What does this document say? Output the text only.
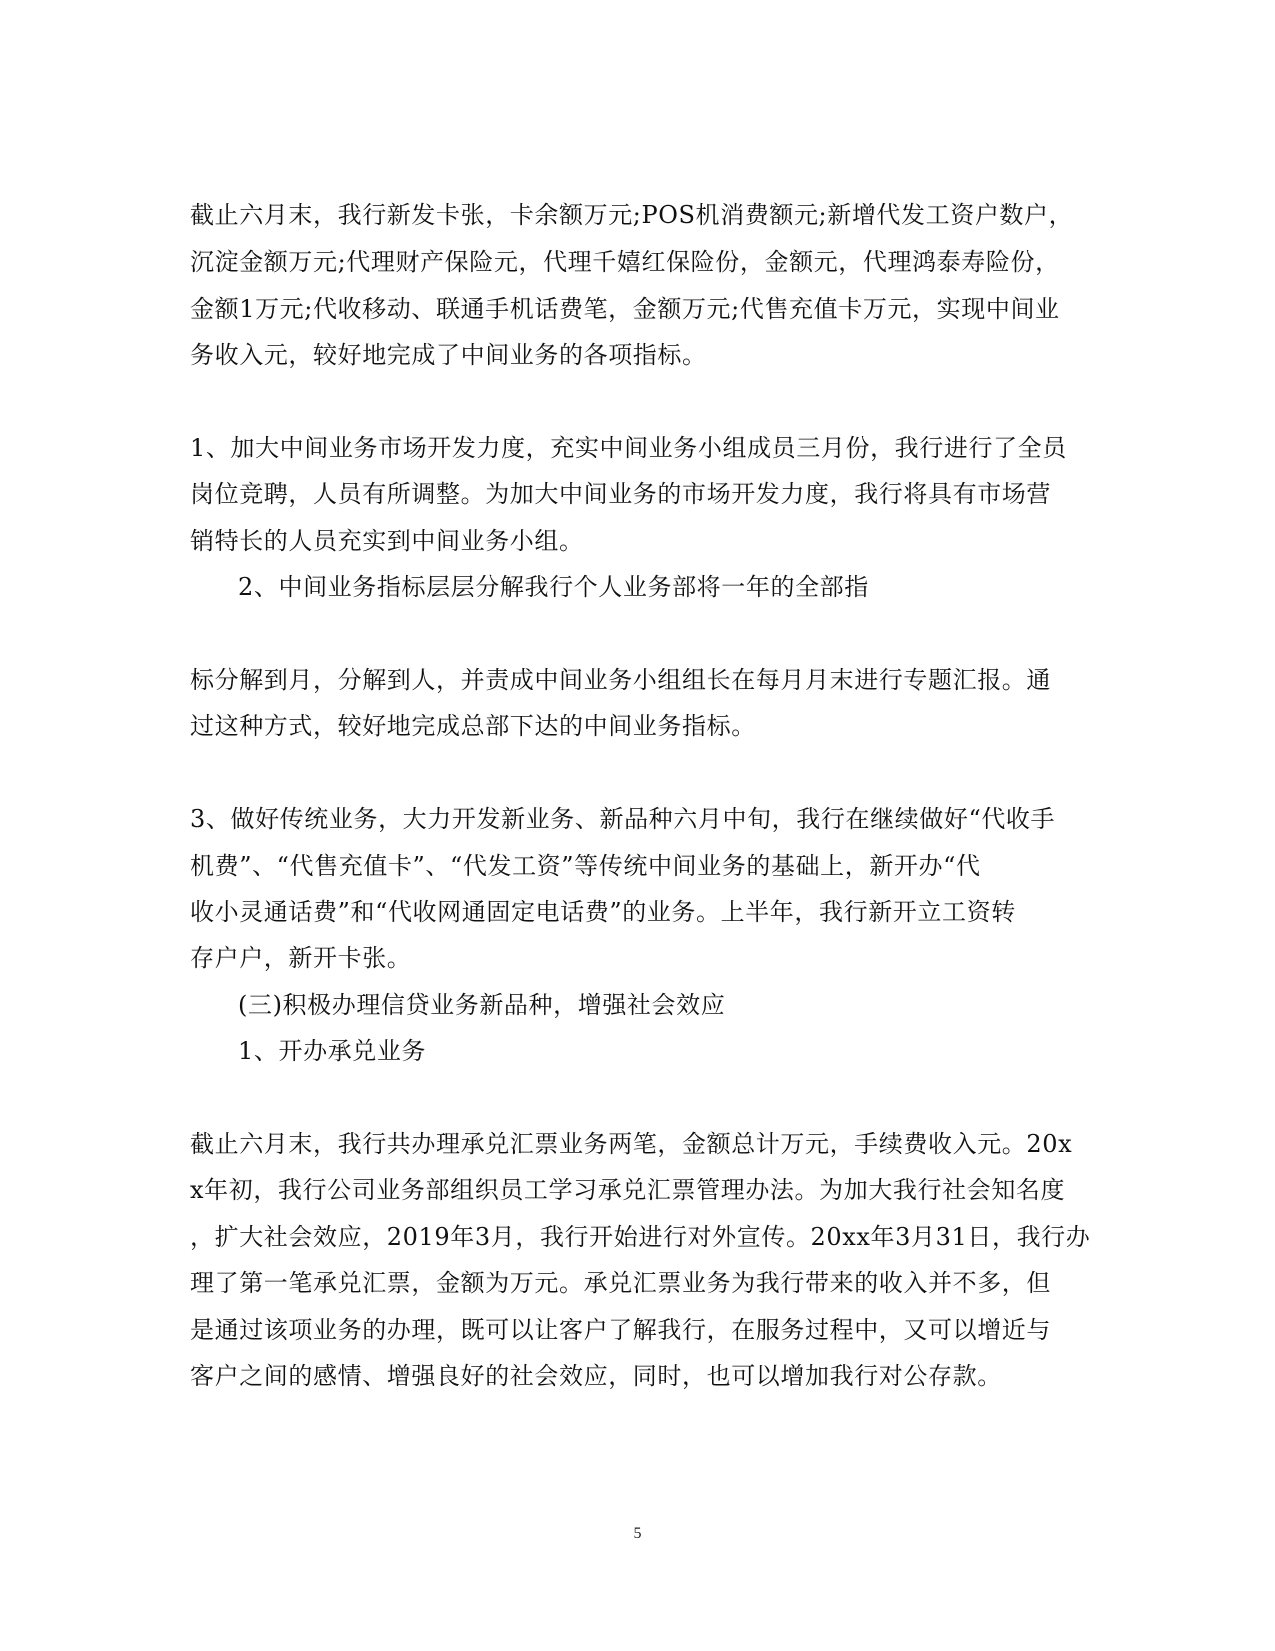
截止六月末，我行新发卡张，卡余额万元;POS机消费额元;新增代发工资户数户，
沉淀金额万元;代理财产保险元，代理千嬉红保险份，金额元，代理鸿泰寿险份，
金额1万元;代收移动、联通手机话费笔，金额万元;代售充值卡万元，实现中间业
务收入元，较好地完成了中间业务的各项指标。
1、加大中间业务市场开发力度，充实中间业务小组成员三月份，我行进行了全员
岗位竞聘，人员有所调整。为加大中间业务的市场开发力度，我行将具有市场营
销特长的人员充实到中间业务小组。
2、中间业务指标层层分解我行个人业务部将一年的全部指
标分解到月，分解到人，并责成中间业务小组组长在每月月末进行专题汇报。通
过这种方式，较好地完成总部下达的中间业务指标。
3、做好传统业务，大力开发新业务、新品种六月中旬，我行在继续做好“代收手
机费”、“代售充值卡”、“代发工资”等传统中间业务的基础上，新开办“代
收小灵通话费”和“代收网通固定电话费”的业务。上半年，我行新开立工资转
存户户，新开卡张。
(三)积极办理信贷业务新品种，增强社会效应
1、开办承兑业务
截止六月末，我行共办理承兑汇票业务两笔，金额总计万元，手续费收入元。20x
x年初，我行公司业务部组织员工学习承兑汇票管理办法。为加大我行社会知名度
，扩大社会效应，2019年3月，我行开始进行对外宣传。20xx年3月31日，我行办
理了第一笔承兑汇票，金额为万元。承兑汇票业务为我行带来的收入并不多，但
是通过该项业务的办理，既可以让客户了解我行，在服务过程中，又可以增近与
客户之间的感情、增强良好的社会效应，同时，也可以增加我行对公存款。
5
